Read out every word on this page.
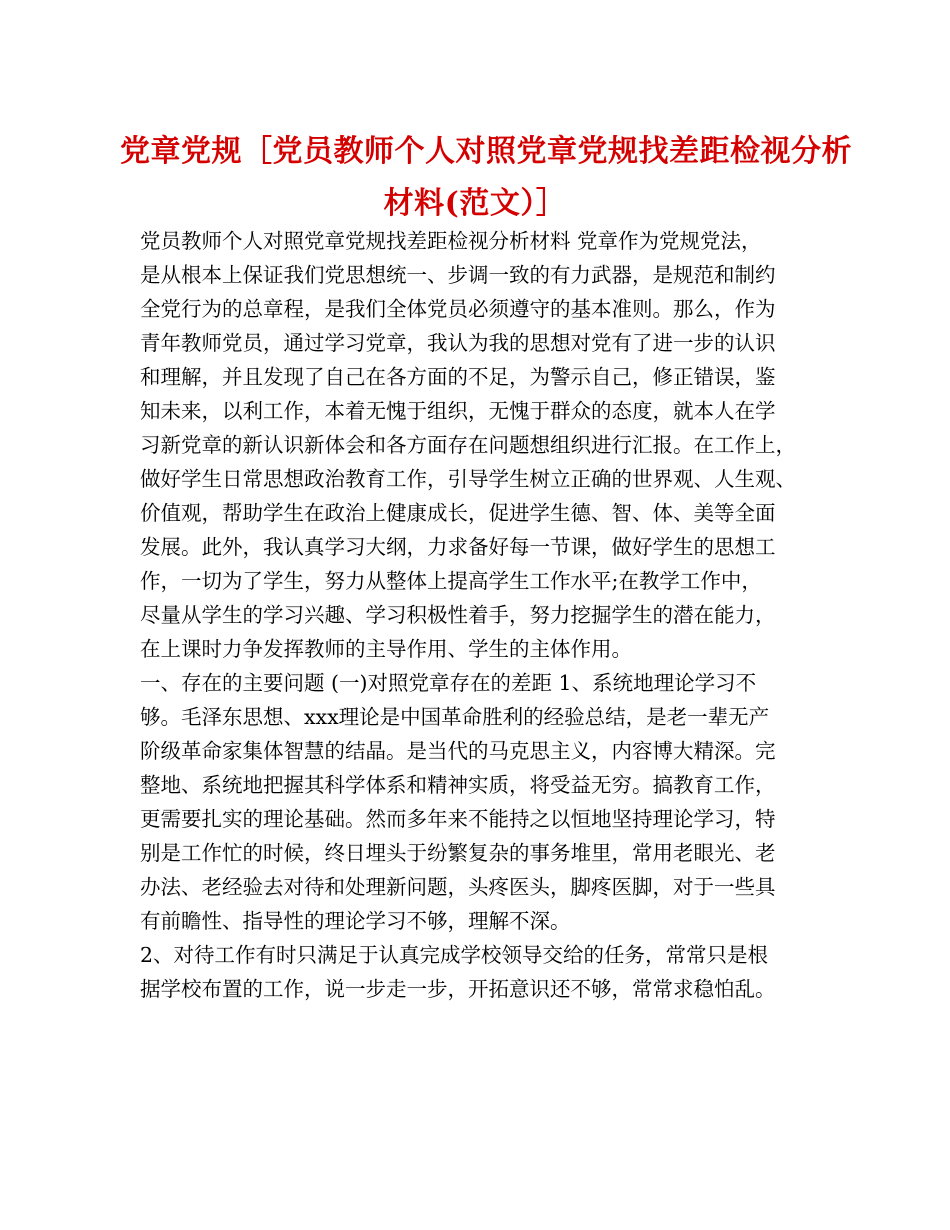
党章党规［党员教师个人对照党章党规找差距检视分析
材料(范文）］
党员教师个人对照党章党规找差距检视分析材料 党章作为党规党法，
是从根本上保证我们党思想统一、步调一致的有力武器，是规范和制约
全党行为的总章程，是我们全体党员必须遵守的基本准则。那么，作为
青年教师党员，通过学习党章，我认为我的思想对党有了进一步的认识
和理解，并且发现了自己在各方面的不足，为警示自己，修正错误，鉴
知未来，以利工作，本着无愧于组织，无愧于群众的态度，就本人在学
习新党章的新认识新体会和各方面存在问题想组织进行汇报。在工作上，
做好学生日常思想政治教育工作，引导学生树立正确的世界观、人生观、
价值观，帮助学生在政治上健康成长，促进学生德、智、体、美等全面
发展。此外，我认真学习大纲，力求备好每一节课，做好学生的思想工
作，一切为了学生，努力从整体上提高学生工作水平;在教学工作中，
尽量从学生的学习兴趣、学习积极性着手，努力挖掘学生的潜在能力，
在上课时力争发挥教师的主导作用、学生的主体作用。
一、存在的主要问题 (一)对照党章存在的差距 1、系统地理论学习不
够。毛泽东思想、xxx理论是中国革命胜利的经验总结，是老一辈无产
阶级革命家集体智慧的结晶。是当代的马克思主义，内容博大精深。完
整地、系统地把握其科学体系和精神实质，将受益无穷。搞教育工作，
更需要扎实的理论基础。然而多年来不能持之以恒地坚持理论学习，特
别是工作忙的时候，终日埋头于纷繁复杂的事务堆里，常用老眼光、老
办法、老经验去对待和处理新问题，头疼医头，脚疼医脚，对于一些具
有前瞻性、指导性的理论学习不够，理解不深。
2、对待工作有时只满足于认真完成学校领导交给的任务，常常只是根
据学校布置的工作，说一步走一步，开拓意识还不够，常常求稳怕乱。
